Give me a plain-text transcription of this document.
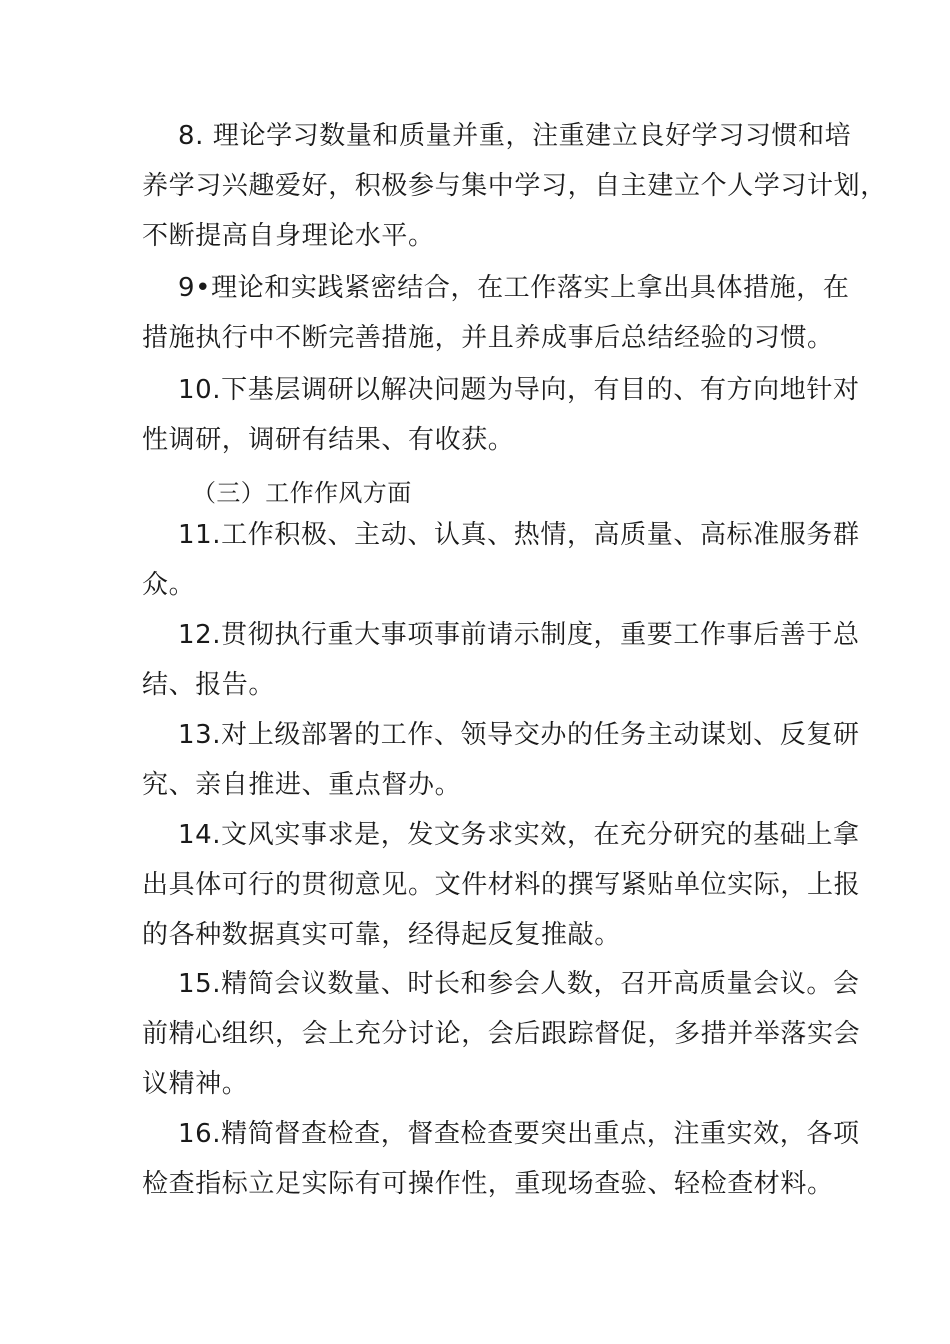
8. 理论学习数量和质量并重，注重建立良好学习习惯和培
养学习兴趣爱好，积极参与集中学习，自主建立个人学习计划，
不断提高自身理论水平。
9•理论和实践紧密结合，在工作落实上拿出具体措施，在
措施执行中不断完善措施，并且养成事后总结经验的习惯。
10.下基层调研以解决问题为导向，有目的、有方向地针对
性调研，调研有结果、有收获。
（三）工作作风方面
11.工作积极、主动、认真、热情，高质量、高标准服务群
众。
12.贯彻执行重大事项事前请示制度，重要工作事后善于总
结、报告。
13.对上级部署的工作、领导交办的任务主动谋划、反复研
究、亲自推进、重点督办。
14.文风实事求是，发文务求实效，在充分研究的基础上拿
出具体可行的贯彻意见。文件材料的撰写紧贴单位实际，上报
的各种数据真实可靠，经得起反复推敲。
15.精简会议数量、时长和参会人数，召开高质量会议。会
前精心组织，会上充分讨论，会后跟踪督促，多措并举落实会
议精神。
16.精简督查检查，督查检查要突出重点，注重实效，各项
检查指标立足实际有可操作性，重现场查验、轻检查材料。
